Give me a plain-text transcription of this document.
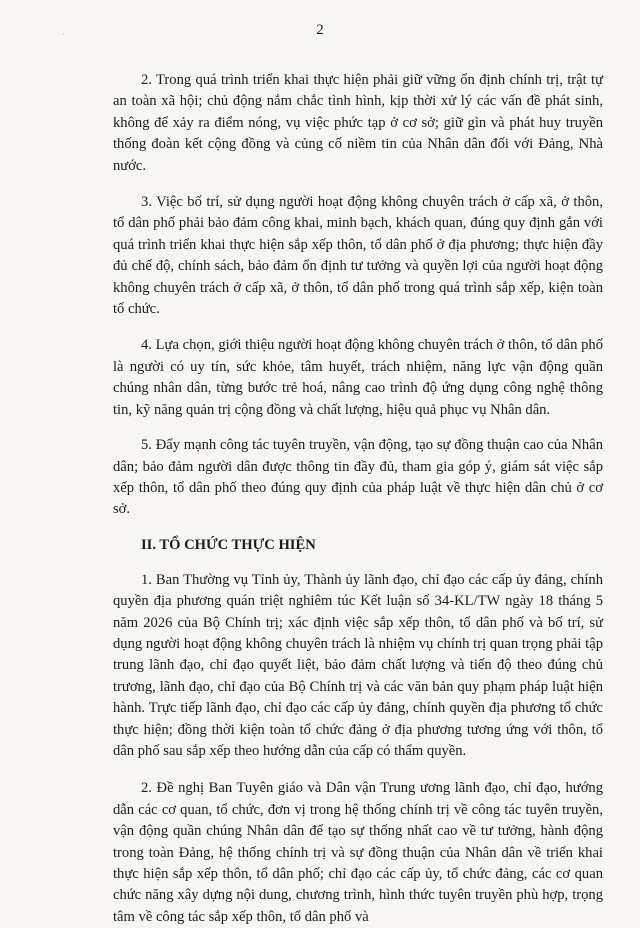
·	2

2. Trong quá trình triển khai thực hiện phải giữ vững ổn định chính trị, trật tự an toàn xã hội; chủ động nắm chắc tình hình, kịp thời xử lý các vấn đề phát sinh, không để xảy ra điểm nóng, vụ việc phức tạp ở cơ sở; giữ gìn và phát huy truyền thống đoàn kết cộng đồng và củng cố niềm tin của Nhân dân đối với Đảng, Nhà nước.

3. Việc bố trí, sử dụng người hoạt động không chuyên trách ở cấp xã, ở thôn, tổ dân phố phải bảo đảm công khai, minh bạch, khách quan, đúng quy định gắn với quá trình triển khai thực hiện sắp xếp thôn, tổ dân phố ở địa phương; thực hiện đầy đủ chế độ, chính sách, bảo đảm ổn định tư tưởng và quyền lợi của người hoạt động không chuyên trách ở cấp xã, ở thôn, tổ dân phố trong quá trình sắp xếp, kiện toàn tổ chức.

4. Lựa chọn, giới thiệu người hoạt động không chuyên trách ở thôn, tổ dân phố là người có uy tín, sức khỏe, tâm huyết, trách nhiệm, năng lực vận động quần chúng nhân dân, từng bước trẻ hoá, nâng cao trình độ ứng dụng công nghệ thông tin, kỹ năng quản trị cộng đồng và chất lượng, hiệu quả phục vụ Nhân dân.

5. Đẩy mạnh công tác tuyên truyền, vận động, tạo sự đồng thuận cao của Nhân dân; bảo đảm người dân được thông tin đầy đủ, tham gia góp ý, giám sát việc sắp xếp thôn, tổ dân phố theo đúng quy định của pháp luật về thực hiện dân chủ ở cơ sở.

II. TỔ CHỨC THỰC HIỆN

1. Ban Thường vụ Tỉnh ủy, Thành ủy lãnh đạo, chỉ đạo các cấp ủy đảng, chính quyền địa phương quán triệt nghiêm túc Kết luận số 34-KL/TW ngày 18 tháng 5 năm 2026 của Bộ Chính trị; xác định việc sắp xếp thôn, tổ dân phố và bố trí, sử dụng người hoạt động không chuyên trách là nhiệm vụ chính trị quan trọng phải tập trung lãnh đạo, chỉ đạo quyết liệt, bảo đảm chất lượng và tiến độ theo đúng chủ trương, lãnh đạo, chỉ đạo của Bộ Chính trị và các văn bản quy phạm pháp luật hiện hành. Trực tiếp lãnh đạo, chỉ đạo các cấp ủy đảng, chính quyền địa phương tổ chức thực hiện; đồng thời kiện toàn tổ chức đảng ở địa phương tương ứng với thôn, tổ dân phố sau sắp xếp theo hướng dẫn của cấp có thẩm quyền.

2. Đề nghị Ban Tuyên giáo và Dân vận Trung ương lãnh đạo, chỉ đạo, hướng dẫn các cơ quan, tổ chức, đơn vị trong hệ thống chính trị về công tác tuyên truyền, vận động quần chúng Nhân dân để tạo sự thống nhất cao về tư tưởng, hành động trong toàn Đảng, hệ thống chính trị và sự đồng thuận của Nhân dân về triển khai thực hiện sắp xếp thôn, tổ dân phố; chỉ đạo các cấp ủy, tổ chức đảng, các cơ quan chức năng xây dựng nội dung, chương trình, hình thức tuyên truyền phù hợp, trọng tâm về công tác sắp xếp thôn, tổ dân phố và
